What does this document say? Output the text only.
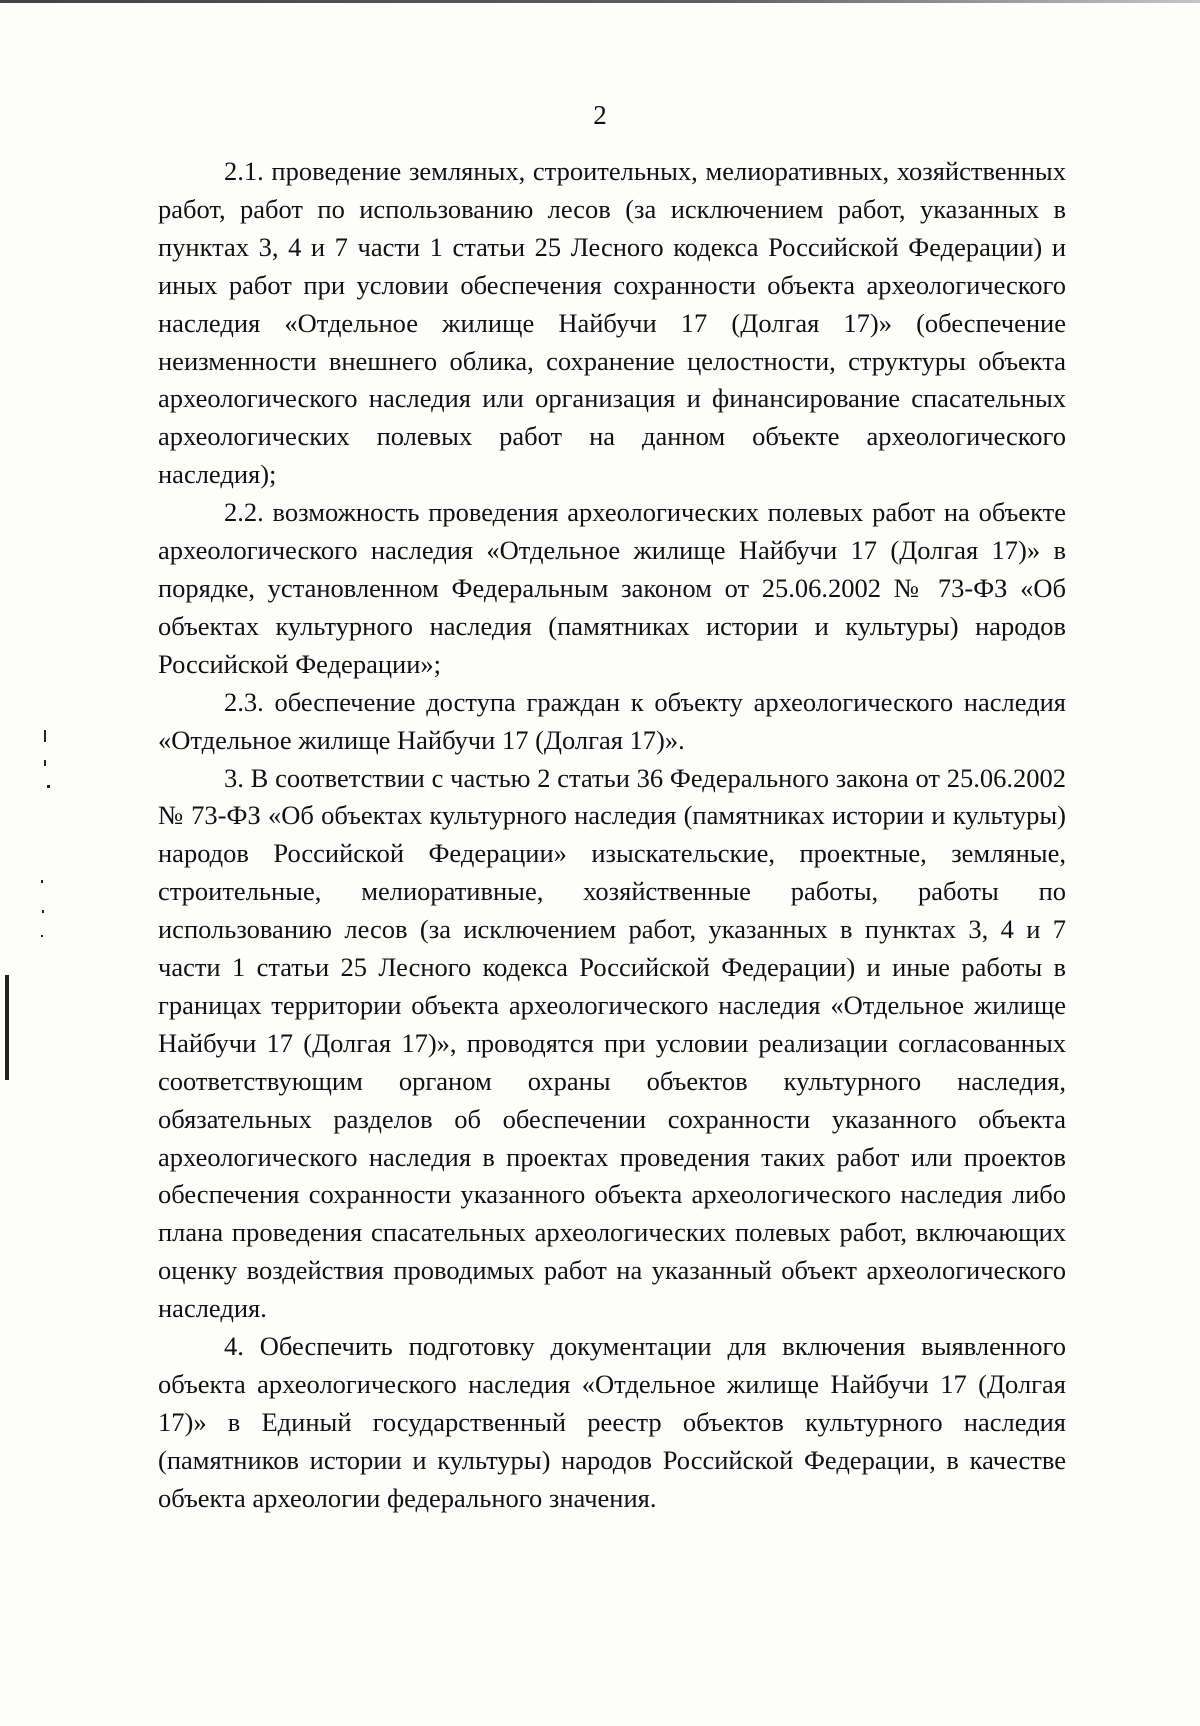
2

2.1. проведение земляных, строительных, мелиоративных, хозяйственных работ, работ по использованию лесов (за исключением работ, указанных в пунктах 3, 4 и 7 части 1 статьи 25 Лесного кодекса Российской Федерации) и иных работ при условии обеспечения сохранности объекта археологического наследия «Отдельное жилище Найбучи 17 (Долгая 17)» (обеспечение неизменности внешнего облика, сохранение целостности, структуры объекта археологического наследия или организация и финансирование спасательных археологических полевых работ на данном объекте археологического наследия);

2.2. возможность проведения археологических полевых работ на объекте археологического наследия «Отдельное жилище Найбучи 17 (Долгая 17)» в порядке, установленном Федеральным законом от 25.06.2002 № 73-ФЗ «Об объектах культурного наследия (памятниках истории и культуры) народов Российской Федерации»;

2.3. обеспечение доступа граждан к объекту археологического наследия «Отдельное жилище Найбучи 17 (Долгая 17)».

3. В соответствии с частью 2 статьи 36 Федерального закона от 25.06.2002 № 73-ФЗ «Об объектах культурного наследия (памятниках истории и культуры) народов Российской Федерации» изыскательские, проектные, земляные, строительные, мелиоративные, хозяйственные работы, работы по использованию лесов (за исключением работ, указанных в пунктах 3, 4 и 7 части 1 статьи 25 Лесного кодекса Российской Федерации) и иные работы в границах территории объекта археологического наследия «Отдельное жилище Найбучи 17 (Долгая 17)», проводятся при условии реализации согласованных соответствующим органом охраны объектов культурного наследия, обязательных разделов об обеспечении сохранности указанного объекта археологического наследия в проектах проведения таких работ или проектов обеспечения сохранности указанного объекта археологического наследия либо плана проведения спасательных археологических полевых работ, включающих оценку воздействия проводимых работ на указанный объект археологического наследия.

4. Обеспечить подготовку документации для включения выявленного объекта археологического наследия «Отдельное жилище Найбучи 17 (Долгая 17)» в Единый государственный реестр объектов культурного наследия (памятников истории и культуры) народов Российской Федерации, в качестве объекта археологии федерального значения.
